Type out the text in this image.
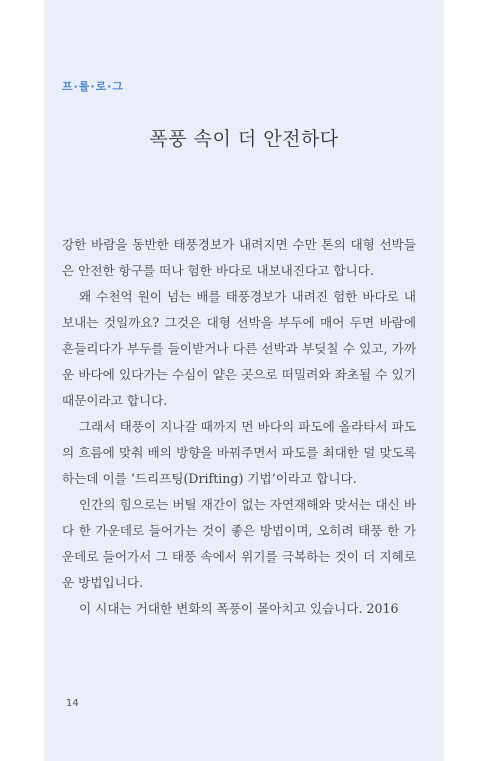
프·롤·로·그
폭풍 속이 더 안전하다

강한 바람을 동반한 태풍경보가 내려지면 수만 톤의 대형 선박들은 안전한 항구를 떠나 험한 바다로 내보내진다고 합니다.

왜 수천억 원이 넘는 배를 태풍경보가 내려진 험한 바다로 내보내는 것일까요? 그것은 대형 선박을 부두에 매어 두면 바람에 흔들리다가 부두를 들이받거나 다른 선박과 부딪칠 수 있고, 가까운 바다에 있다가는 수심이 얕은 곳으로 떠밀려와 좌초될 수 있기 때문이라고 합니다.

그래서 태풍이 지나갈 때까지 먼 바다의 파도에 올라타서 파도의 흐름에 맞춰 배의 방향을 바꿔주면서 파도를 최대한 덜 맞도록 하는데 이를 ‘드리프팅(Drifting) 기법’이라고 합니다.

인간의 힘으로는 버틸 재간이 없는 자연재해와 맞서는 대신 바다 한 가운데로 들어가는 것이 좋은 방법이며, 오히려 태풍 한 가운데로 들어가서 그 태풍 속에서 위기를 극복하는 것이 더 지혜로운 방법입니다.

이 시대는 거대한 변화의 폭풍이 몰아치고 있습니다. 2016

14
